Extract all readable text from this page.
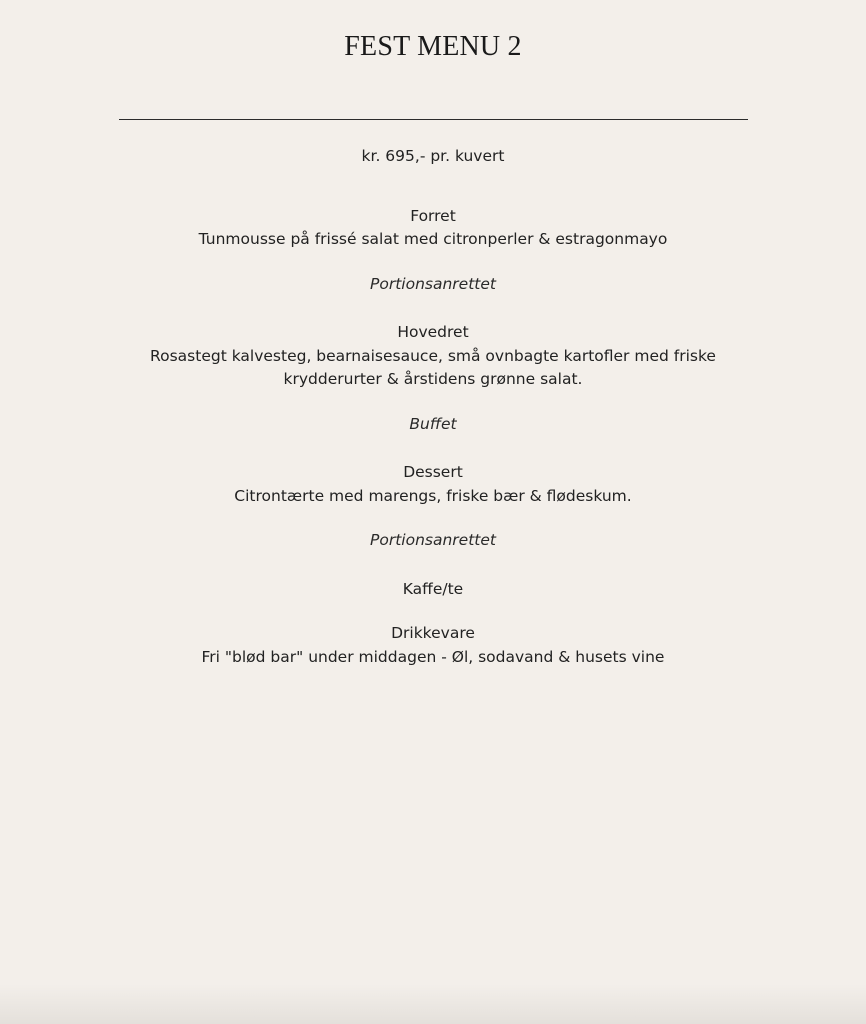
FEST MENU 2
kr. 695,- pr. kuvert
Forret
Tunmousse på frissé salat med citronperler & estragonmayo
Portionsanrettet
Hovedret
Rosastegt kalvesteg, bearnaisesauce, små ovnbagte kartofler med friske krydderurter & årstidens grønne salat.
Buffet
Dessert
Citrontærte med marengs, friske bær & flødeskum.
Portionsanrettet
Kaffe/te
Drikkevare
Fri "blød bar" under middagen - Øl, sodavand & husets vine
